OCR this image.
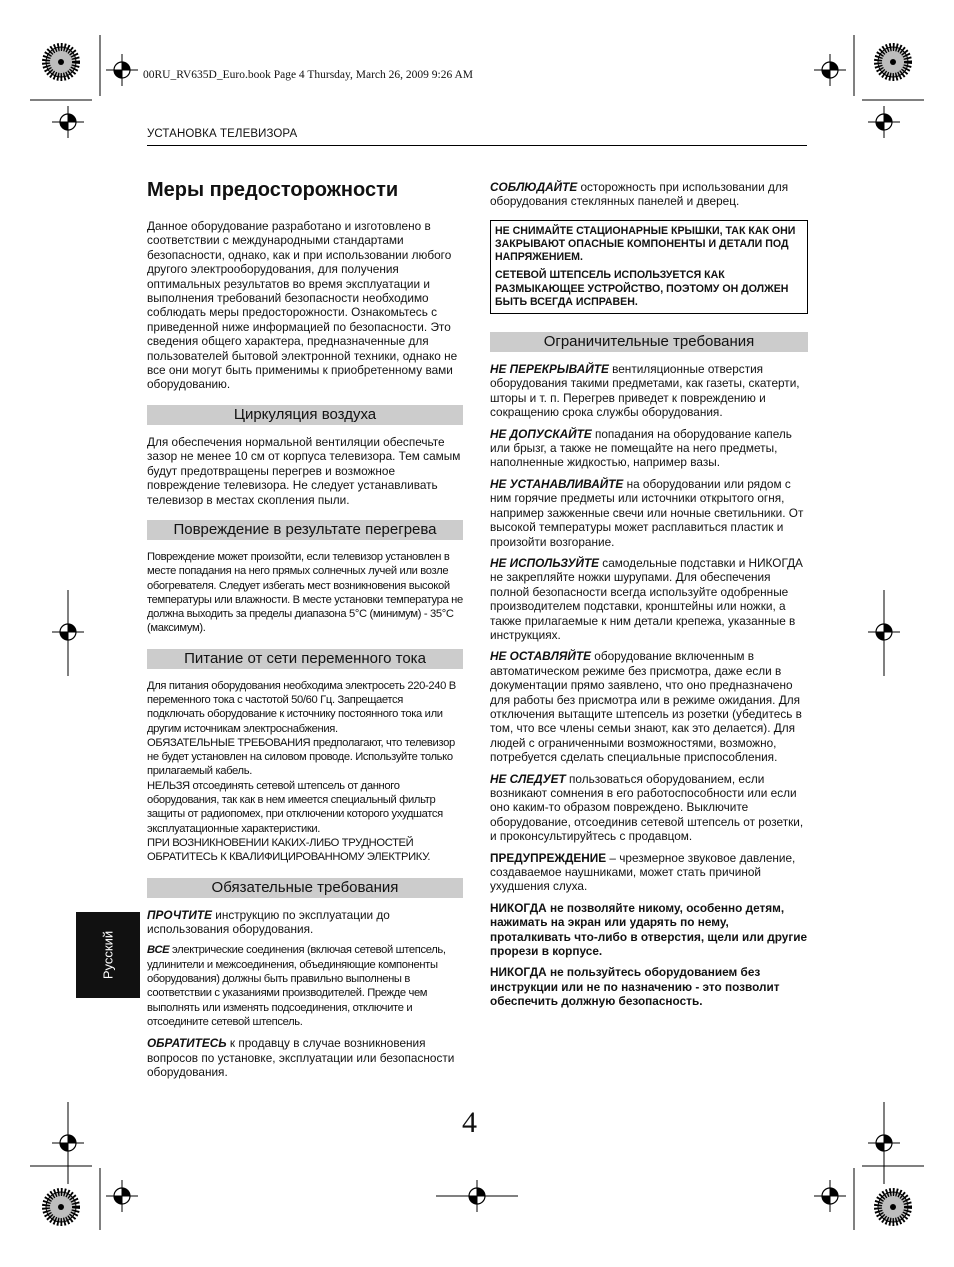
00RU_RV635D_Euro.book Page 4 Thursday, March 26, 2009 9:26 AM
УСТАНОВКА ТЕЛЕВИЗОРА
Меры предосторожности

Данное оборудование разработано и изготовлено в соответствии с международными стандартами безопасности, однако, как и при использовании любого другого электрооборудования, для получения оптимальных результатов во время эксплуатации и выполнения требований безопасности необходимо соблюдать меры предосторожности. Ознакомьтесь с приведенной ниже информацией по безопасности. Это сведения общего характера, предназначенные для пользователей бытовой электронной техники, однако не все они могут быть применимы к приобретенному вами оборудованию.

Циркуляция воздуха

Для обеспечения нормальной вентиляции обеспечьте зазор не менее 10 см от корпуса телевизора. Тем самым будут предотвращены перегрев и возможное повреждение телевизора. Не следует устанавливать телевизор в местах скопления пыли.

Повреждение в результате перегрева

Повреждение может произойти, если телевизор установлен в месте попадания на него прямых солнечных лучей или возле обогревателя. Следует избегать мест возникновения высокой температуры или влажности. В месте установки температура не должна выходить за пределы диапазона 5°C (минимум) - 35°C (максимум).

Питание от сети переменного тока

Для питания оборудования необходима электросеть 220-240 В переменного тока с частотой 50/60 Гц. Запрещается подключать оборудование к источнику постоянного тока или другим источникам электроснабжения.

ОБЯЗАТЕЛЬНЫЕ ТРЕБОВАНИЯ предполагают, что телевизор не будет установлен на силовом проводе. Используйте только прилагаемый кабель.

НЕЛЬЗЯ отсоединять сетевой штепсель от данного оборудования, так как в нем имеется специальный фильтр защиты от радиопомех, при отключении которого ухудшатся эксплуатационные характеристики.

ПРИ ВОЗНИКНОВЕНИИ КАКИХ-ЛИБО ТРУДНОСТЕЙ ОБРАТИТЕСЬ К КВАЛИФИЦИРОВАННОМУ ЭЛЕКТРИКУ.

Обязательные требования

ПРОЧТИТЕ инструкцию по эксплуатации до использования оборудования.

ВСЕ электрические соединения (включая сетевой штепсель, удлинители и межсоединения, объединяющие компоненты оборудования) должны быть правильно выполнены в соответствии с указаниями производителей. Прежде чем выполнять или изменять подсоединения, отключите и отсоедините сетевой штепсель.

ОБРАТИТЕСЬ к продавцу в случае возникновения вопросов по установке, эксплуатации или безопасности оборудования.

СОБЛЮДАЙТЕ осторожность при использовании для оборудования стеклянных панелей и дверец.

НЕ СНИМАЙТЕ СТАЦИОНАРНЫЕ КРЫШКИ, ТАК КАК ОНИ ЗАКРЫВАЮТ ОПАСНЫЕ КОМПОНЕНТЫ И ДЕТАЛИ ПОД НАПРЯЖЕНИЕМ.

СЕТЕВОЙ ШТЕПСЕЛЬ ИСПОЛЬЗУЕТСЯ КАК РАЗМЫКАЮЩЕЕ УСТРОЙСТВО, ПОЭТОМУ ОН ДОЛЖЕН БЫТЬ ВСЕГДА ИСПРАВЕН.

Ограничительные требования

НЕ ПЕРЕКРЫВАЙТЕ вентиляционные отверстия оборудования такими предметами, как газеты, скатерти, шторы и т. п. Перегрев приведет к повреждению и сокращению срока службы оборудования.

НЕ ДОПУСКАЙТЕ попадания на оборудование капель или брызг, а также не помещайте на него предметы, наполненные жидкостью, например вазы.

НЕ УСТАНАВЛИВАЙТЕ на оборудовании или рядом с ним горячие предметы или источники открытого огня, например зажженные свечи или ночные светильники. От высокой температуры может расплавиться пластик и произойти возгорание.

НЕ ИСПОЛЬЗУЙТЕ самодельные подставки и НИКОГДА не закрепляйте ножки шурупами. Для обеспечения полной безопасности всегда используйте одобренные производителем подставки, кронштейны или ножки, а также прилагаемые к ним детали крепежа, указанные в инструкциях.

НЕ ОСТАВЛЯЙТЕ оборудование включенным в автоматическом режиме без присмотра, даже если в документации прямо заявлено, что оно предназначено для работы без присмотра или в режиме ожидания. Для отключения вытащите штепсель из розетки (убедитесь в том, что все члены семьи знают, как это делается). Для людей с ограниченными возможностями, возможно, потребуется сделать специальные приспособления.

НЕ СЛЕДУЕТ пользоваться оборудованием, если возникают сомнения в его работоспособности или если оно каким-то образом повреждено. Выключите оборудование, отсоединив сетевой штепсель от розетки, и проконсультируйтесь с продавцом.

ПРЕДУПРЕЖДЕНИЕ – чрезмерное звуковое давление, создаваемое наушниками, может стать причиной ухудшения слуха.

НИКОГДА не позволяйте никому, особенно детям, нажимать на экран или ударять по нему, проталкивать что-либо в отверстия, щели или другие прорези в корпусе.

НИКОГДА не пользуйтесь оборудованием без инструкции или не по назначению - это позволит обеспечить должную безопасность.

Русский
4
